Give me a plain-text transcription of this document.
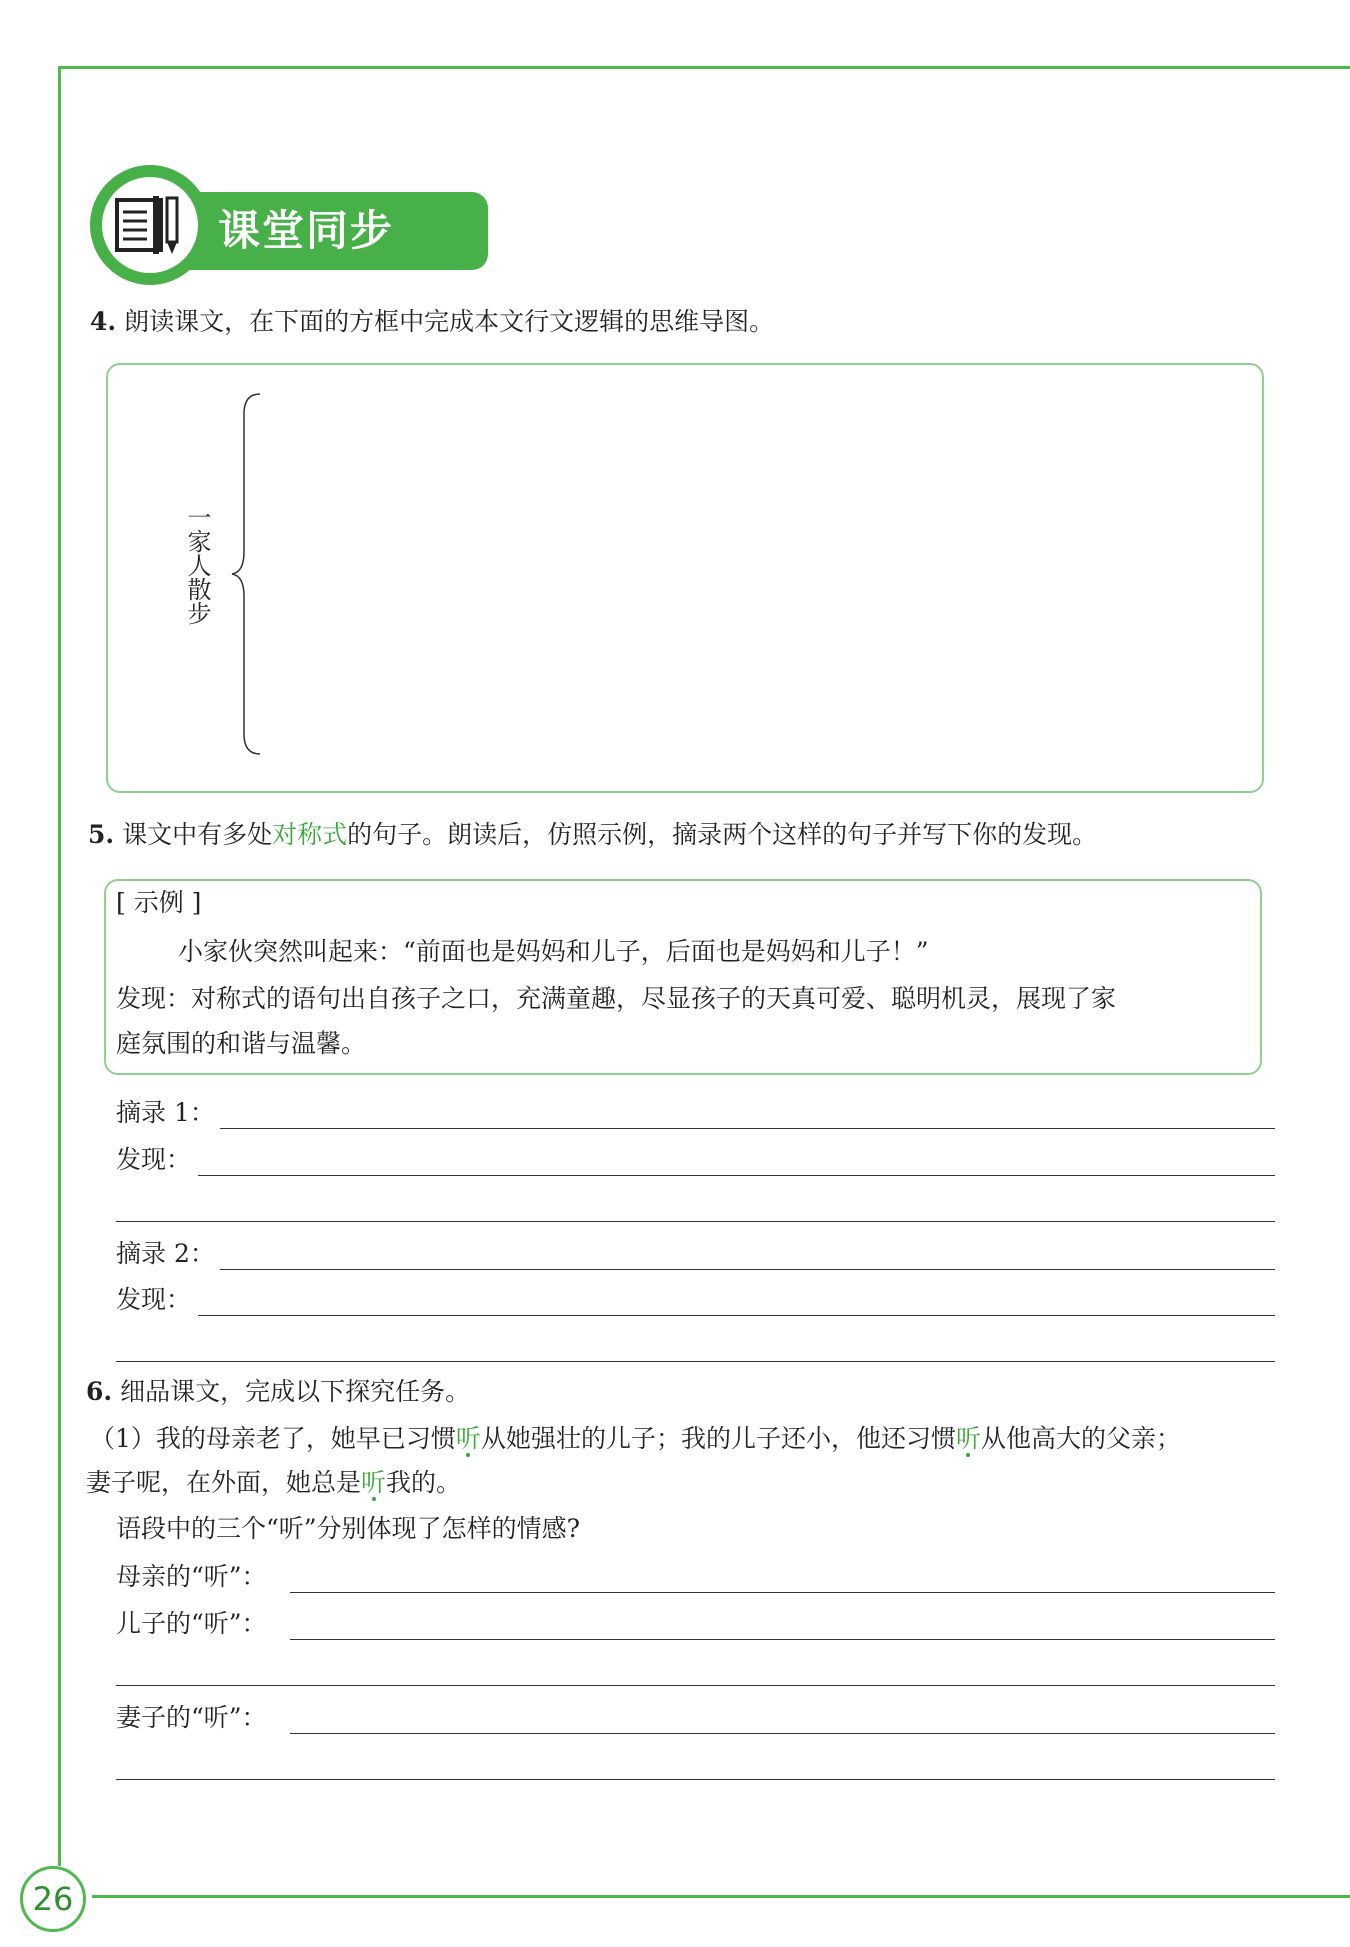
26
课堂同步
4. 朗读课文，在下面的方框中完成本文行文逻辑的思维导图。
一家人散步
5. 课文中有多处对称式的句子。朗读后，仿照示例，摘录两个这样的句子并写下你的发现。
[ 示例 ]
小家伙突然叫起来：“前面也是妈妈和儿子，后面也是妈妈和儿子！”
发现：对称式的语句出自孩子之口，充满童趣，尽显孩子的天真可爱、聪明机灵，展现了家
庭氛围的和谐与温馨。
摘录 1：
发现：
摘录 2：
发现：
6. 细品课文，完成以下探究任务。
（1）我的母亲老了，她早已习惯听从她强壮的儿子；我的儿子还小，他还习惯听从他高大的父亲；
妻子呢，在外面，她总是听我的。
语段中的三个“听”分别体现了怎样的情感?
母亲的“听”：
儿子的“听”：
妻子的“听”：
